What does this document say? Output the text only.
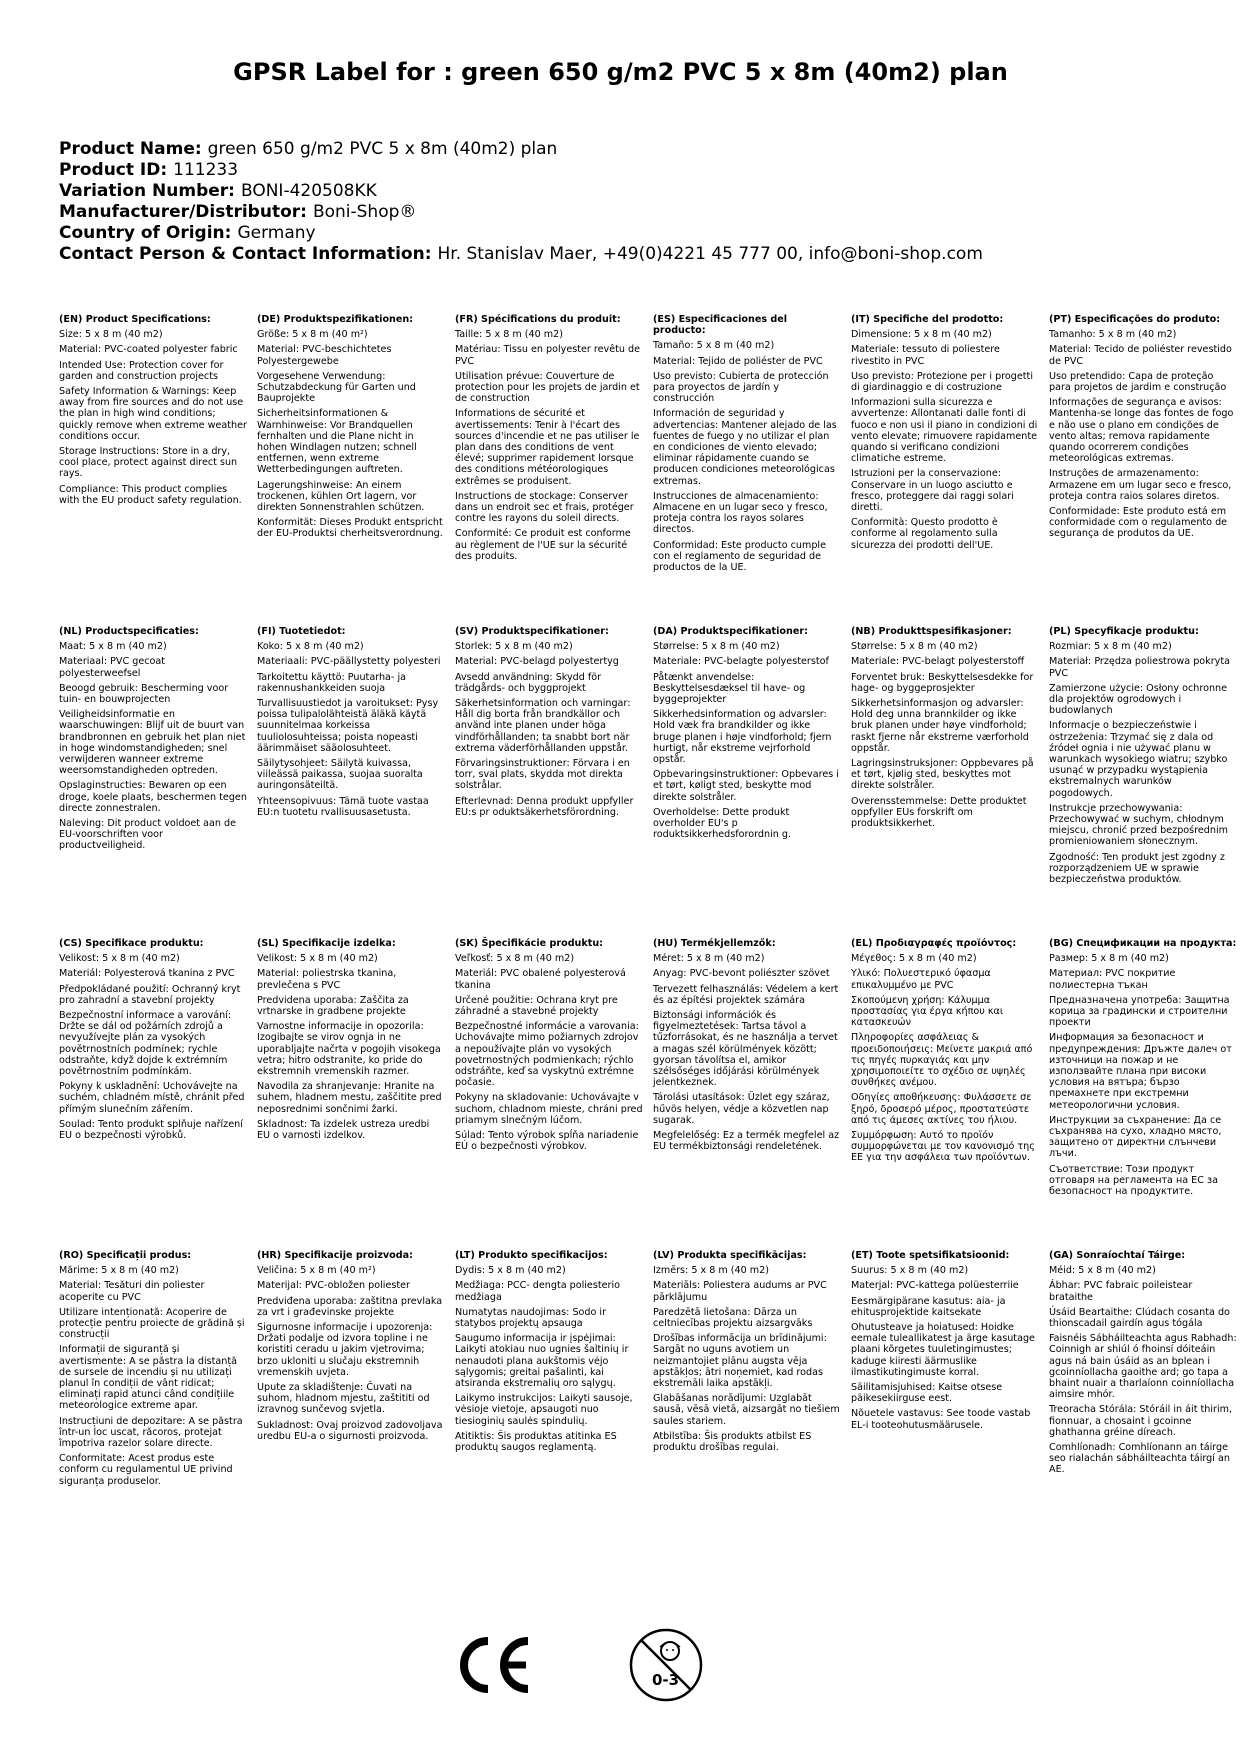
GPSR Label for : green 650 g/m2 PVC 5 x 8m (40m2) plan
Product Name: green 650 g/m2 PVC 5 x 8m (40m2) plan
Product ID: 111233
Variation Number: BONI-420508KK
Manufacturer/Distributor: Boni-Shop®
Country of Origin: Germany
Contact Person & Contact Information: Hr. Stanislav Maer, +49(0)4221 45 777 00, info@boni-shop.com

(EN) Product Specifications:

Size: 5 x 8 m (40 m2)

Material: PVC-coated polyester fabric

Intended Use: Protection cover for garden and construction projects

Safety Information & Warnings: Keep away from fire sources and do not use the plan in high wind conditions; quickly remove when extreme weather conditions occur.

Storage Instructions: Store in a dry, cool place, protect against direct sun rays.

Compliance: This product complies with the EU product safety regulation.

(DE) Produktspezifikationen:

Größe: 5 x 8 m (40 m²)

Material: PVC-beschichtetes Polyestergewebe

Vorgesehene Verwendung: Schutzabdeckung für Garten und Bauprojekte

Sicherheitsinformationen & Warnhinweise: Vor Brandquellen fernhalten und die Plane nicht in hohen Windlagen nutzen; schnell entfernen, wenn extreme Wetterbedingungen auftreten.

Lagerungshinweise: An einem trockenen, kühlen Ort lagern, vor direkten Sonnenstrahlen schützen.

Konformität: Dieses Produkt entspricht der EU-Produktsi cherheitsverordnung.

(FR) Spécifications du produit:

Taille: 5 x 8 m (40 m2)

Matériau: Tissu en polyester revêtu de PVC

Utilisation prévue: Couverture de protection pour les projets de jardin et de construction

Informations de sécurité et avertissements: Tenir à l'écart des sources d'incendie et ne pas utiliser le plan dans des conditions de vent élevé; supprimer rapidement lorsque des conditions météorologiques extrêmes se produisent.

Instructions de stockage: Conserver dans un endroit sec et frais, protéger contre les rayons du soleil directs.

Conformité: Ce produit est conforme au règlement de l'UE sur la sécurité des produits.

(ES) Especificaciones del producto:

Tamaño: 5 x 8 m (40 m2)

Material: Tejido de poliéster de PVC

Uso previsto: Cubierta de protección para proyectos de jardín y construcción

Información de seguridad y advertencias: Mantener alejado de las fuentes de fuego y no utilizar el plan en condiciones de viento elevado; eliminar rápidamente cuando se producen condiciones meteorológicas extremas.

Instrucciones de almacenamiento: Almacene en un lugar seco y fresco, proteja contra los rayos solares directos.

Conformidad: Este producto cumple con el reglamento de seguridad de productos de la UE.

(IT) Specifiche del prodotto:

Dimensione: 5 x 8 m (40 m2)

Materiale: tessuto di poliestere rivestito in PVC

Uso previsto: Protezione per i progetti di giardinaggio e di costruzione

Informazioni sulla sicurezza e avvertenze: Allontanati dalle fonti di fuoco e non usi il piano in condizioni di vento elevate; rimuovere rapidamente quando si verificano condizioni climatiche estreme.

Istruzioni per la conservazione: Conservare in un luogo asciutto e fresco, proteggere dai raggi solari diretti.

Conformità: Questo prodotto è conforme al regolamento sulla sicurezza dei prodotti dell'UE.

(PT) Especificações do produto:

Tamanho: 5 x 8 m (40 m2)

Material: Tecido de poliéster revestido de PVC

Uso pretendido: Capa de proteção para projetos de jardim e construção

Informações de segurança e avisos: Mantenha-se longe das fontes de fogo e não use o plano em condições de vento altas; remova rapidamente quando ocorrerem condições meteorológicas extremas.

Instruções de armazenamento: Armazene em um lugar seco e fresco, proteja contra raios solares diretos.

Conformidade: Este produto está em conformidade com o regulamento de segurança de produtos da UE.

(NL) Productspecificaties:

Maat: 5 x 8 m (40 m2)

Materiaal: PVC gecoat polyesterweefsel

Beoogd gebruik: Bescherming voor tuin- en bouwprojecten

Veiligheidsinformatie en waarschuwingen: Blijf uit de buurt van brandbronnen en gebruik het plan niet in hoge windomstandigheden; snel verwijderen wanneer extreme weersomstandigheden optreden.

Opslaginstructies: Bewaren op een droge, koele plaats, beschermen tegen directe zonnestralen.

Naleving: Dit product voldoet aan de EU-voorschriften voor productveiligheid.

(FI) Tuotetiedot:

Koko: 5 x 8 m (40 m2)

Materiaali: PVC-päällystetty polyesteri

Tarkoitettu käyttö: Puutarha- ja rakennushankkeiden suoja

Turvallisuustiedot ja varoitukset: Pysy poissa tulipalolähteistä äläkä käytä suunnitelmaa korkeissa tuuliolosuhteissa; poista nopeasti äärimmäiset sääolosuhteet.

Säilytysohjeet: Säilytä kuivassa, viileässä paikassa, suojaa suoralta auringonsäteiltä.

Yhteensopivuus: Tämä tuote vastaa EU:n tuotetu rvallisuusasetusta.

(SV) Produktspecifikationer:

Storlek: 5 x 8 m (40 m2)

Material: PVC-belagd polyestertyg

Avsedd användning: Skydd för trädgårds- och byggprojekt

Säkerhetsinformation och varningar: Håll dig borta från brandkällor och använd inte planen under höga vindförhållanden; ta snabbt bort när extrema väderförhållanden uppstår.

Förvaringsinstruktioner: Förvara i en torr, sval plats, skydda mot direkta solstrålar.

Efterlevnad: Denna produkt uppfyller EU:s pr oduktsäkerhetsförordning.

(DA) Produktspecifikationer:

Størrelse: 5 x 8 m (40 m2)

Materiale: PVC-belagte polyesterstof

Påtænkt anvendelse: Beskyttelsesdæksel til have- og byggeprojekter

Sikkerhedsinformation og advarsler: Hold væk fra brandkilder og ikke bruge planen i høje vindforhold; fjern hurtigt, når ekstreme vejrforhold opstår.

Opbevaringsinstruktioner: Opbevares i et tørt, køligt sted, beskytte mod direkte solstråler.

Overholdelse: Dette produkt overholder EU's p roduktsikkerhedsforordnin g.

(NB) Produkttspesifikasjoner:

Størrelse: 5 x 8 m (40 m2)

Materiale: PVC-belagt polyesterstoff

Forventet bruk: Beskyttelsesdekke for hage- og byggeprosjekter

Sikkerhetsinformasjon og advarsler: Hold deg unna brannkilder og ikke bruk planen under høye vindforhold; raskt fjerne når ekstreme værforhold oppstår.

Lagringsinstruksjoner: Oppbevares på et tørt, kjølig sted, beskyttes mot direkte solstråler.

Overensstemmelse: Dette produktet oppfyller EUs forskrift om produktsikkerhet.

(PL) Specyfikacje produktu:

Rozmiar: 5 x 8 m (40 m2)

Materiał: Przędza poliestrowa pokryta PVC

Zamierzone użycie: Osłony ochronne dla projektów ogrodowych i budowlanych

Informacje o bezpieczeństwie i ostrzeżenia: Trzymać się z dala od źródeł ognia i nie używać planu w warunkach wysokiego wiatru; szybko usunąć w przypadku wystąpienia ekstremalnych warunków pogodowych.

Instrukcje przechowywania: Przechowywać w suchym, chłodnym miejscu, chronić przed bezpośrednim promieniowaniem słonecznym.

Zgodność: Ten produkt jest zgodny z rozporządzeniem UE w sprawie bezpieczeństwa produktów.

(CS) Specifikace produktu:

Velikost: 5 x 8 m (40 m2)

Materiál: Polyesterová tkanina z PVC

Předpokládané použití: Ochranný kryt pro zahradní a stavební projekty

Bezpečnostní informace a varování: Držte se dál od požárních zdrojů a nevyužívejte plán za vysokých povětrnostních podmínek; rychle odstraňte, když dojde k extrémním povětrnostním podmínkám.

Pokyny k uskladnění: Uchovávejte na suchém, chladném místě, chránit před přímým slunečním zářením.

Soulad: Tento produkt splňuje nařízení EU o bezpečnosti výrobků.

(SL) Specifikacije izdelka:

Velikost: 5 x 8 m (40 m2)

Material: poliestrska tkanina, prevlečena s PVC

Predvidena uporaba: Zaščita za vrtnarske in gradbene projekte

Varnostne informacije in opozorila: Izogibajte se virov ognja in ne uporabljajte načrta v pogojih visokega vetra; hitro odstranite, ko pride do ekstremnih vremenskih razmer.

Navodila za shranjevanje: Hranite na suhem, hladnem mestu, zaščitite pred neposrednimi sončnimi žarki.

Skladnost: Ta izdelek ustreza uredbi EU o varnosti izdelkov.

(SK) Špecifikácie produktu:

Veľkosť: 5 x 8 m (40 m2)

Materiál: PVC obalené polyesterová tkanina

Určené použitie: Ochrana kryt pre záhradné a stavebné projekty

Bezpečnostné informácie a varovania: Uchovávajte mimo požiarnych zdrojov a nepoužívajte plán vo vysokých povetrnostných podmienkach; rýchlo odstráňte, keď sa vyskytnú extrémne počasie.

Pokyny na skladovanie: Uchovávajte v suchom, chladnom mieste, chráni pred priamym slnečným lúčom.

Súlad: Tento výrobok spĺňa nariadenie EÚ o bezpečnosti výrobkov.

(HU) Termékjellemzők:

Méret: 5 x 8 m (40 m2)

Anyag: PVC-bevont poliészter szövet

Tervezett felhasználás: Védelem a kert és az építési projektek számára

Biztonsági információk és figyelmeztetések: Tartsa távol a tűzforrásokat, és ne használja a tervet a magas szél körülmények között; gyorsan távolítsa el, amikor szélsőséges időjárási körülmények jelentkeznek.

Tárolási utasítások: Üzlet egy száraz, hűvös helyen, védje a közvetlen nap sugarak.

Megfelelőség: Ez a termék megfelel az EU termékbiztonsági rendeletének.

(EL) Προδιαγραφές προϊόντος:

Μέγεθος: 5 x 8 m (40 m2)

Υλικό: Πολυεστερικό ύφασμα επικαλυμμένο με PVC

Σκοπούμενη χρήση: Κάλυμμα προστασίας για έργα κήπου και κατασκευών

Πληροφορίες ασφάλειας & προειδοποιήσεις: Μείνετε μακριά από τις πηγές πυρκαγιάς και μην χρησιμοποιείτε το σχέδιο σε υψηλές συνθήκες ανέμου.

Οδηγίες αποθήκευσης: Φυλάσσετε σε ξηρό, δροσερό μέρος, προστατεύστε από τις άμεσες ακτίνες του ήλιου.

Συμμόρφωση: Αυτό το προϊόν συμμορφώνεται με τον κανονισμό της ΕΕ για την ασφάλεια των προϊόντων.

(BG) Спецификации на продукта:

Размер: 5 x 8 m (40 m2)

Материал: PVC покритие полиестерна тъкан

Предназначена употреба: Защитна корица за градински и строителни проекти

Информация за безопасност и предупреждения: Дръжте далеч от източници на пожар и не използвайте плана при високи условия на вятъра; бързо премахнете при екстремни метеорологични условия.

Инструкции за съхранение: Да се съхранява на сухо, хладно място, защитено от директни слънчеви лъчи.

Съответствие: Този продукт отговаря на регламента на ЕС за безопасност на продуктите.

(RO) Specificații produs:

Mărime: 5 x 8 m (40 m2)

Material: Tesături din poliester acoperite cu PVC

Utilizare intenționată: Acoperire de protecție pentru proiecte de grădină și construcții

Informații de siguranță și avertismente: A se păstra la distanță de sursele de incendiu și nu utilizați planul în condiții de vânt ridicat; eliminați rapid atunci când condițiile meteorologice extreme apar.

Instrucțiuni de depozitare: A se păstra într-un loc uscat, răcoros, protejat împotriva razelor solare directe.

Conformitate: Acest produs este conform cu regulamentul UE privind siguranța produselor.

(HR) Specifikacije proizvoda:

Veličina: 5 x 8 m (40 m²)

Materijal: PVC-obložen poliester

Predviđena uporaba: zaštitna prevlaka za vrt i građevinske projekte

Sigurnosne informacije i upozorenja: Držati podalje od izvora topline i ne koristiti ceradu u jakim vjetrovima; brzo ukloniti u slučaju ekstremnih vremenskih uvjeta.

Upute za skladištenje: Čuvati na suhom, hladnom mjestu, zaštititi od izravnog sunčevog svjetla.

Sukladnost: Ovaj proizvod zadovoljava uredbu EU-a o sigurnosti proizvoda.

(LT) Produkto specifikacijos:

Dydis: 5 x 8 m (40 m2)

Medžiaga: PCC- dengta poliesterio medžiaga

Numatytas naudojimas: Sodo ir statybos projektų apsauga

Saugumo informacija ir įspėjimai: Laikyti atokiau nuo ugnies šaltinių ir nenaudoti plana aukštomis vėjo sąlygomis; greitai pašalinti, kai atsiranda ekstremalių oro sąlygų.

Laikymo instrukcijos: Laikyti sausoje, vėsioje vietoje, apsaugoti nuo tiesioginių saulės spindulių.

Atitiktis: Šis produktas atitinka ES produktų saugos reglamentą.

(LV) Produkta specifikācijas:

Izmērs: 5 x 8 m (40 m2)

Materiāls: Poliestera audums ar PVC pārklājumu

Paredzētā lietošana: Dārza un celtniecības projektu aizsargvāks

Drošības informācija un brīdinājumi: Sargāt no uguns avotiem un neizmantojiet plānu augsta vēja apstākļos; ātri noņemiet, kad rodas ekstremāli laika apstākļi.

Glabāšanas norādījumi: Uzglabāt sausā, vēsā vietā, aizsargāt no tiešiem saules stariem.

Atbilstība: Šis produkts atbilst ES produktu drošības regulai.

(ET) Toote spetsifikatsioonid:

Suurus: 5 x 8 m (40 m2)

Materjal: PVC-kattega polüesterriie

Eesmärgipärane kasutus: aia- ja ehitusprojektide kaitsekate

Ohutusteave ja hoiatused: Hoidke eemale tuleallikatest ja ärge kasutage plaani kõrgetes tuuletingimustes; kaduge kiiresti äärmuslike ilmastikutingimuste korral.

Säilitamisjuhised: Kaitse otsese päikesekiirguse eest.

Nõuetele vastavus: See toode vastab EL-i tooteohutusmäärusele.

(GA) Sonraíochtaí Táirge:

Méid: 5 x 8 m (40 m2)

Ábhar: PVC fabraic poileistear brataithe

Úsáid Beartaithe: Clúdach cosanta do thionscadail gairdín agus tógála

Faisnéis Sábháilteachta agus Rabhadh: Coinnigh ar shiúl ó fhoinsí dóiteáin agus ná bain úsáid as an bplean i gcoinníollacha gaoithe ard; go tapa a bhaint nuair a tharlaíonn coinníollacha aimsire mhór.

Treoracha Stórála: Stóráil in áit thirim, fionnuar, a chosaint i gcoinne ghathanna gréine díreach.

Comhlíonadh: Comhlíonann an táirge seo rialachán sábháilteachta táirgí an AE.

0-3
